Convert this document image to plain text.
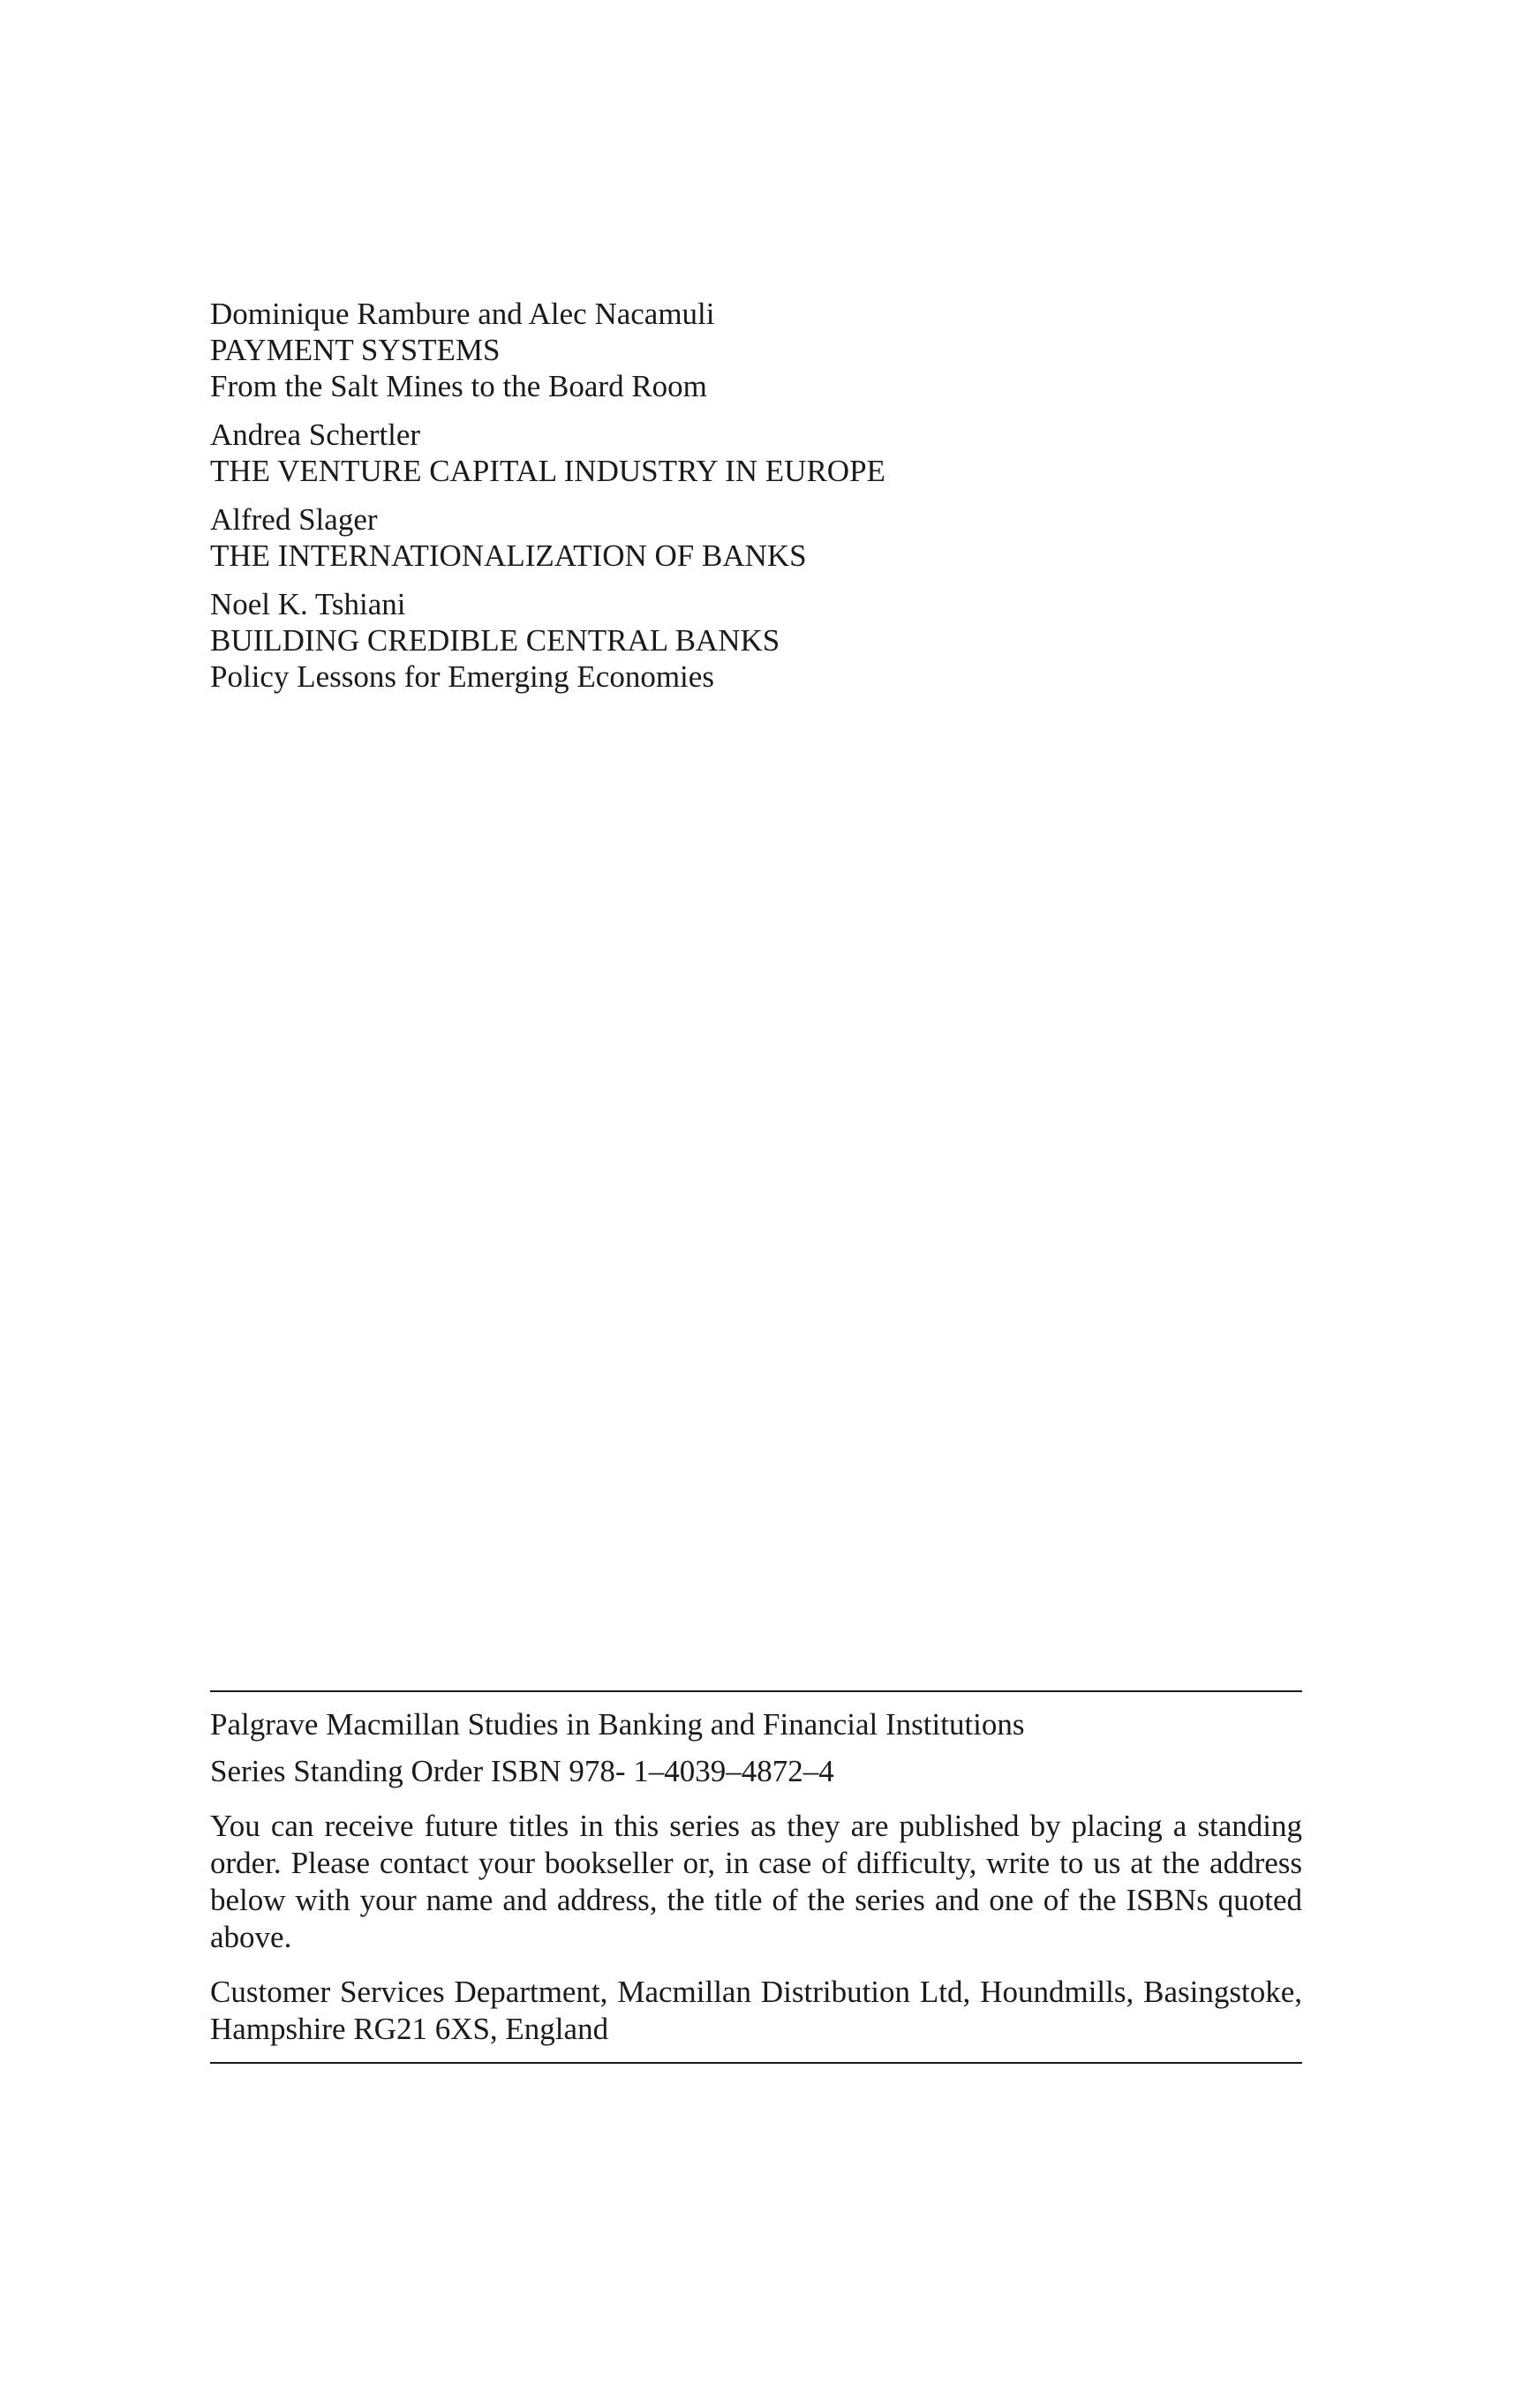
Dominique Rambure and Alec Nacamuli
PAYMENT SYSTEMS
From the Salt Mines to the Board Room
Andrea Schertler
THE VENTURE CAPITAL INDUSTRY IN EUROPE
Alfred Slager
THE INTERNATIONALIZATION OF BANKS
Noel K. Tshiani
BUILDING CREDIBLE CENTRAL BANKS
Policy Lessons for Emerging Economies
Palgrave Macmillan Studies in Banking and Financial Institutions
Series Standing Order ISBN 978- 1–4039–4872–4
You can receive future titles in this series as they are published by placing a standing order. Please contact your bookseller or, in case of difficulty, write to us at the address below with your name and address, the title of the series and one of the ISBNs quoted above.
Customer Services Department, Macmillan Distribution Ltd, Houndmills, Basingstoke, Hampshire RG21 6XS, England
